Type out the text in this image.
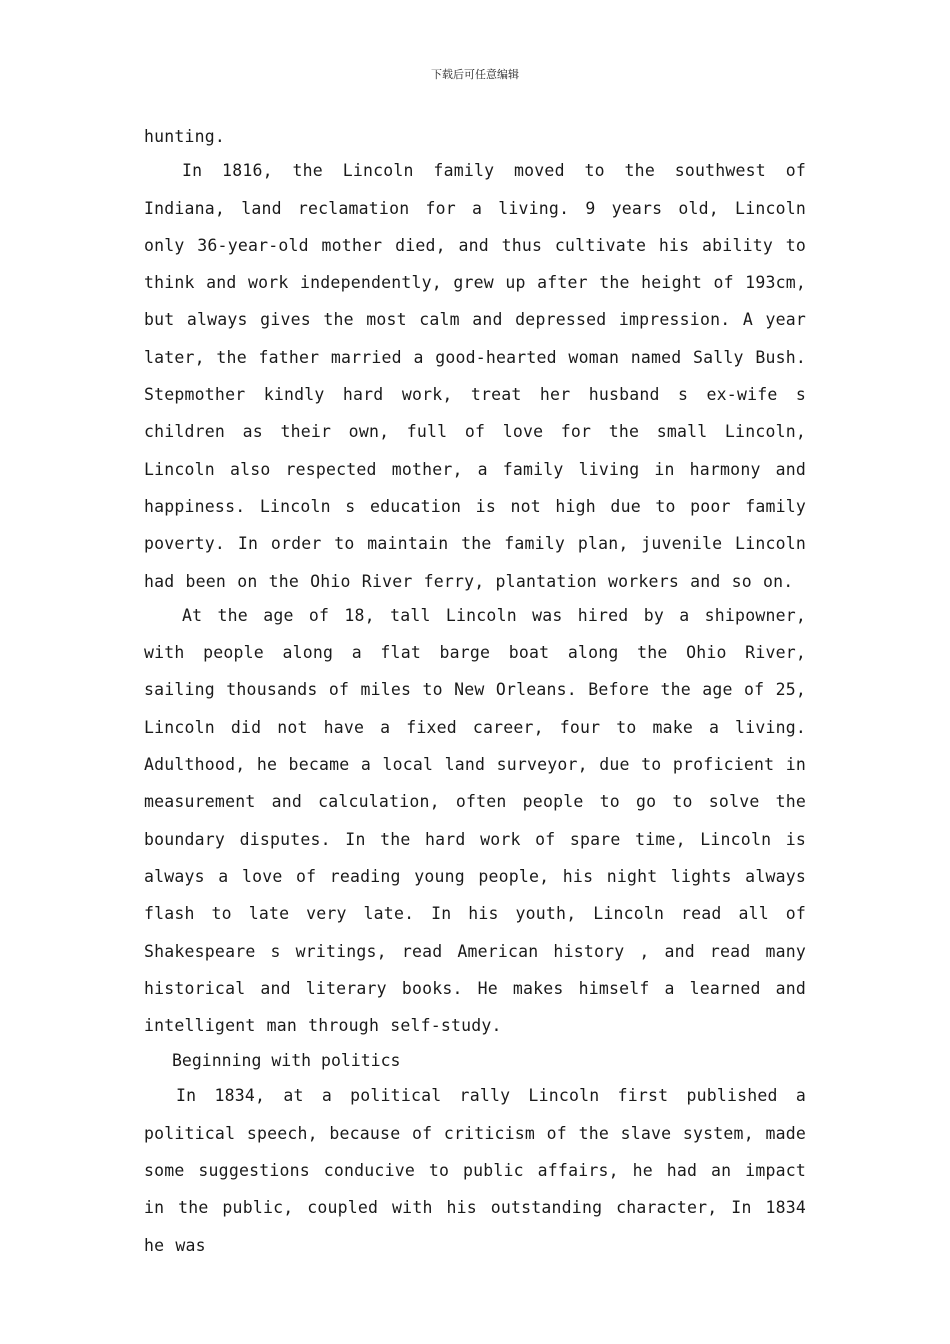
下载后可任意编辑

hunting.

In 1816, the Lincoln family moved to the southwest of Indiana, land reclamation for a living. 9 years old, Lincoln only 36-year-old mother died, and thus cultivate his ability to think and work independently, grew up after the height of 193cm, but always gives the most calm and depressed impression. A year later, the father married a good-hearted woman named Sally Bush. Stepmother kindly hard work, treat her husband s ex-wife s children as their own, full of love for the small Lincoln, Lincoln also respected mother, a family living in harmony and happiness. Lincoln s education is not high due to poor family poverty. In order to maintain the family plan, juvenile Lincoln had been on the Ohio River ferry, plantation workers and so on.

At the age of 18, tall Lincoln was hired by a shipowner, with people along a flat barge boat along the Ohio River, sailing thousands of miles to New Orleans. Before the age of 25, Lincoln did not have a fixed career, four to make a living. Adulthood, he became a local land surveyor, due to proficient in measurement and calculation, often people to go to solve the boundary disputes. In the hard work of spare time, Lincoln is always a love of reading young people, his night lights always flash to late very late. In his youth, Lincoln read all of Shakespeare s writings, read American history , and read many historical and literary books. He makes himself a learned and intelligent man through self-study.

Beginning with politics

In 1834, at a political rally Lincoln first published a political speech, because of criticism of the slave system, made some suggestions conducive to public affairs, he had an impact in the public, coupled with his outstanding character, In 1834 he was
